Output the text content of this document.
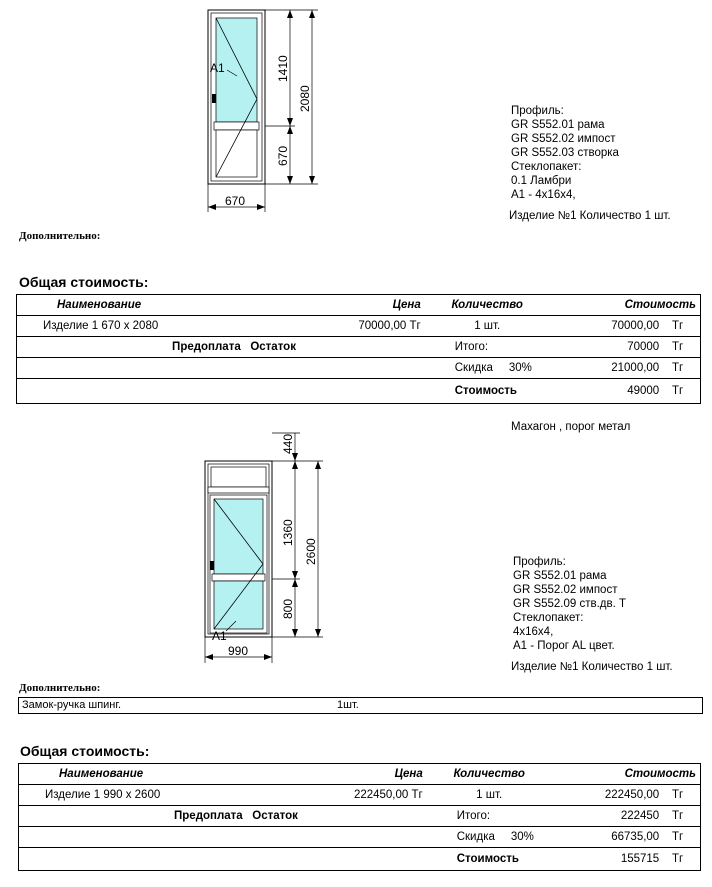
A1	1410
670
2080
670
Профиль:
GR S552.01 рама
GR S552.02 импост
GR S552.03 створка
Стеклопакет:
0.1 Ламбри
A1 - 4x16x4,
Изделие №1 Количество 1 шт.
Дополнительно:
Общая стоимость:
Наименование	Цена	Количество	Стоимость
Изделие 1 670 x 2080	70000,00 Тг	1 шт.	70000,00 Тг
Предоплата Остаток		Итого:	70000 Тг
		Скидка 30%	21000,00 Тг
		Стоимость	49000 Тг
Махагон , порог метал
A1
440
1360
800
2600
990
Профиль:
GR S552.01 рама
GR S552.02 импост
GR S552.09 ств.дв. Т
Стеклопакет:
4x16x4,
A1 - Порог AL цвет.
Изделие №1 Количество 1 шт.
Дополнительно:
Замок-ручка шпинг.	1шт.
Общая стоимость:
Наименование	Цена	Количество	Стоимость
Изделие 1 990 x 2600	222450,00 Тг	1 шт.	222450,00 Тг
Предоплата Остаток		Итого:	222450 Тг
		Скидка 30%	66735,00 Тг
		Стоимость	155715 Тг
